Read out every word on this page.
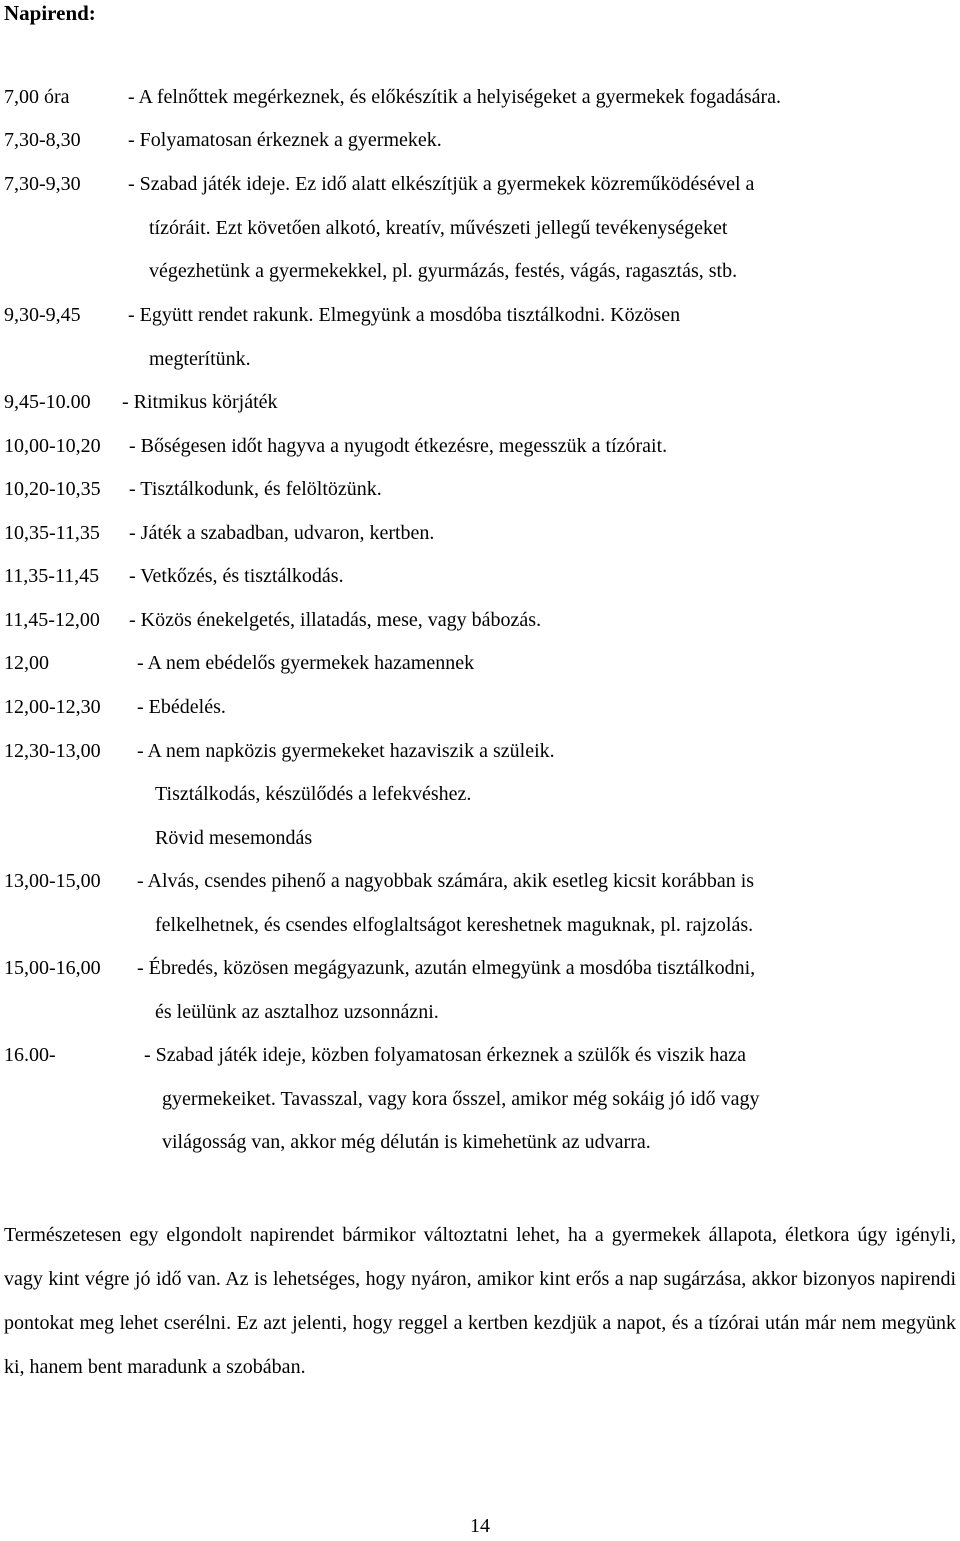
Napirend:
7,00 óra	- A felnőttek megérkeznek, és előkészítik a helyiségeket a gyermekek fogadására.
7,30-8,30 - Folyamatosan érkeznek a gyermekek.
7,30-9,30 - Szabad játék ideje. Ez idő alatt elkészítjük a gyermekek közreműködésével a
tízóráit. Ezt követően alkotó, kreatív, művészeti jellegű tevékenységeket
végezhetünk a gyermekekkel, pl. gyurmázás, festés, vágás, ragasztás, stb.
9,30-9,45 - Együtt rendet rakunk. Elmegyünk a mosdóba tisztálkodni. Közösen
megterítünk.
9,45-10.00 - Ritmikus körjáték
10,00-10,20 - Bőségesen időt hagyva a nyugodt étkezésre, megesszük a tízórait.
10,20-10,35 - Tisztálkodunk, és felöltözünk.
10,35-11,35 - Játék a szabadban, udvaron, kertben.
11,35-11,45 - Vetkőzés, és tisztálkodás.
11,45-12,00 - Közös énekelgetés, illatadás, mese, vagy bábozás.
12,00	- A nem ebédelős gyermekek hazamennek
12,00-12,30 - Ebédelés.
12,30-13,00 - A nem napközis gyermekeket hazaviszik a szüleik.
Tisztálkodás, készülődés a lefekvéshez.
Rövid mesemondás
13,00-15,00 - Alvás, csendes pihenő a nagyobbak számára, akik esetleg kicsit korábban is
felkelhetnek, és csendes elfoglaltságot kereshetnek maguknak, pl. rajzolás.
15,00-16,00 - Ébredés, közösen megágyazunk, azután elmegyünk a mosdóba tisztálkodni,
és leülünk az asztalhoz uzsonnázni.
16.00-	- Szabad játék ideje, közben folyamatosan érkeznek a szülők és viszik haza
gyermekeiket. Tavasszal, vagy kora ősszel, amikor még sokáig jó idő vagy
világosság van, akkor még délután is kimehetünk az udvarra.
Természetesen egy elgondolt napirendet bármikor változtatni lehet, ha a gyermekek állapota, életkora úgy igényli, vagy kint végre jó idő van. Az is lehetséges, hogy nyáron, amikor kint erős a nap sugárzása, akkor bizonyos napirendi pontokat meg lehet cserélni. Ez azt jelenti, hogy reggel a kertben kezdjük a napot, és a tízórai után már nem megyünk ki, hanem bent maradunk a szobában.
14
